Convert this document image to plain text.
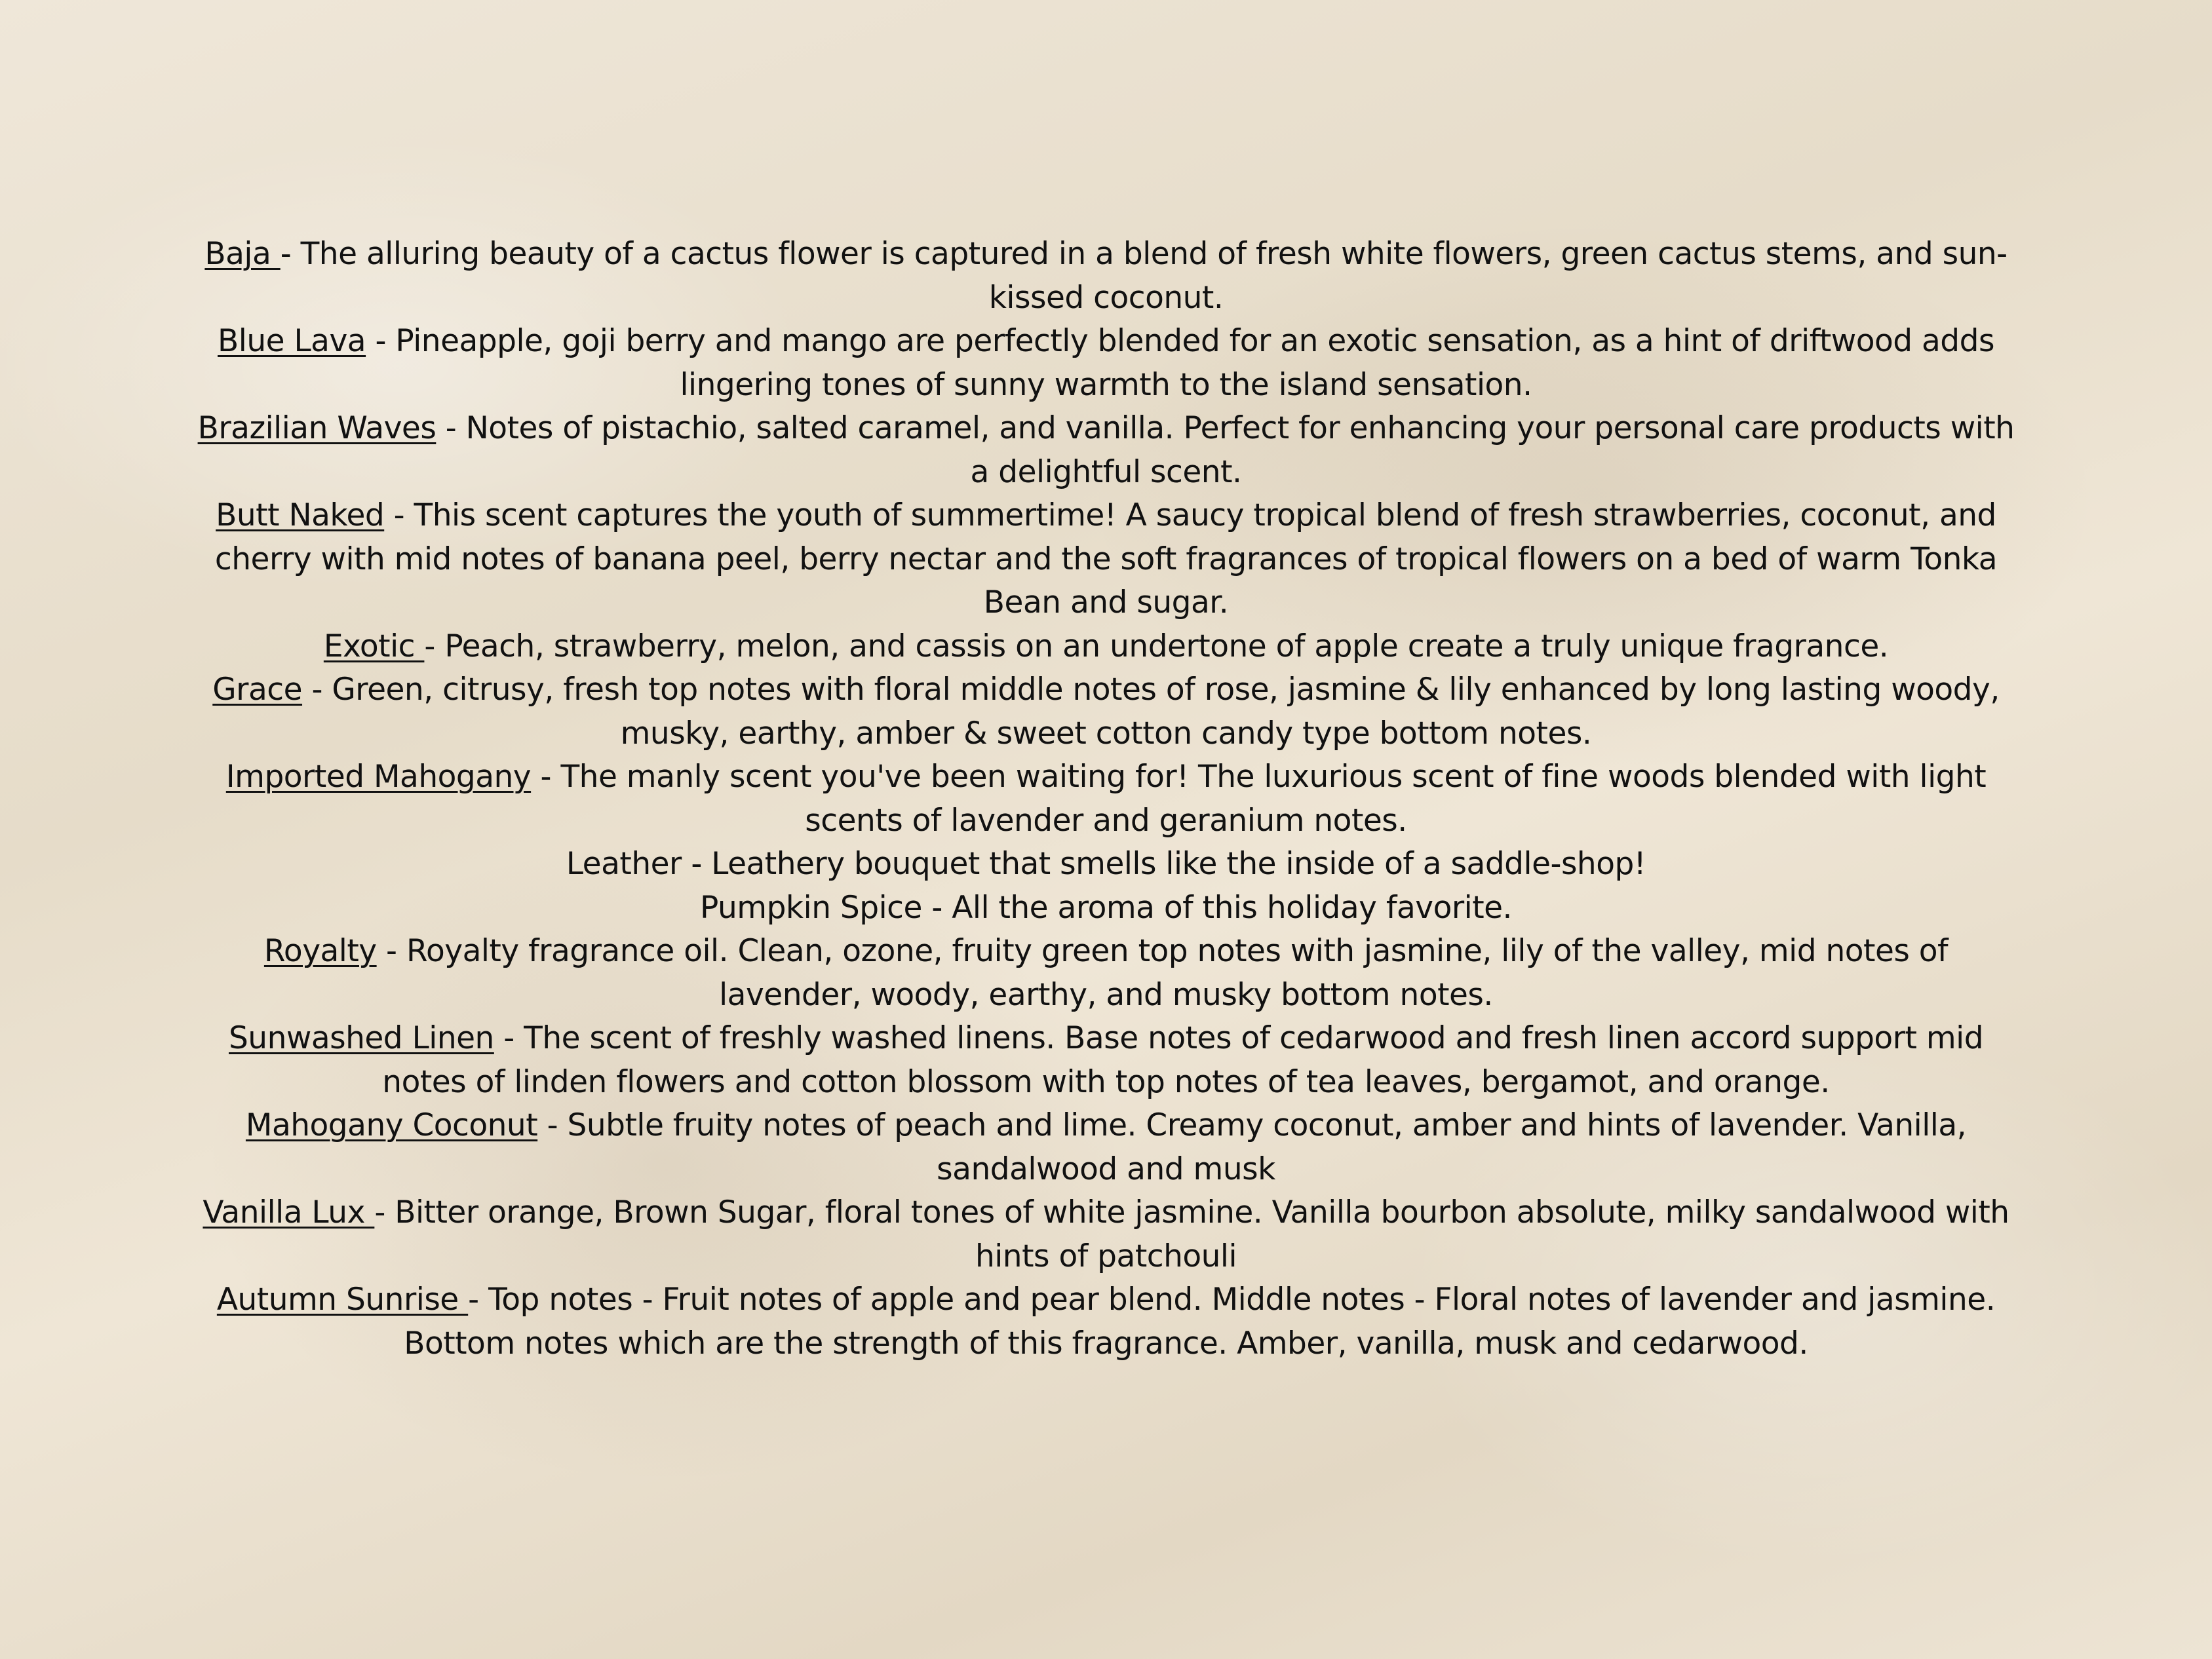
Baja - The alluring beauty of a cactus flower is captured in a blend of fresh white flowers, green cactus stems, and sun-kissed coconut.

Blue Lava - Pineapple, goji berry and mango are perfectly blended for an exotic sensation, as a hint of driftwood adds lingering tones of sunny warmth to the island sensation.

Brazilian Waves - Notes of pistachio, salted caramel, and vanilla. Perfect for enhancing your personal care products with a delightful scent.

Butt Naked - This scent captures the youth of summertime! A saucy tropical blend of fresh strawberries, coconut, and cherry with mid notes of banana peel, berry nectar and the soft fragrances of tropical flowers on a bed of warm Tonka Bean and sugar.

Exotic - Peach, strawberry, melon, and cassis on an undertone of apple create a truly unique fragrance.

Grace - Green, citrusy, fresh top notes with floral middle notes of rose, jasmine & lily enhanced by long lasting woody, musky, earthy, amber & sweet cotton candy type bottom notes.

Imported Mahogany - The manly scent you've been waiting for! The luxurious scent of fine woods blended with light scents of lavender and geranium notes.

Leather - Leathery bouquet that smells like the inside of a saddle-shop!

Pumpkin Spice - All the aroma of this holiday favorite.

Royalty - Royalty fragrance oil. Clean, ozone, fruity green top notes with jasmine, lily of the valley, mid notes of lavender, woody, earthy, and musky bottom notes.

Sunwashed Linen - The scent of freshly washed linens. Base notes of cedarwood and fresh linen accord support mid notes of linden flowers and cotton blossom with top notes of tea leaves, bergamot, and orange.

Mahogany Coconut - Subtle fruity notes of peach and lime. Creamy coconut, amber and hints of lavender. Vanilla, sandalwood and musk

Vanilla Lux - Bitter orange, Brown Sugar, floral tones of white jasmine. Vanilla bourbon absolute, milky sandalwood with hints of patchouli

Autumn Sunrise - Top notes - Fruit notes of apple and pear blend. Middle notes - Floral notes of lavender and jasmine. Bottom notes which are the strength of this fragrance. Amber, vanilla, musk and cedarwood.
